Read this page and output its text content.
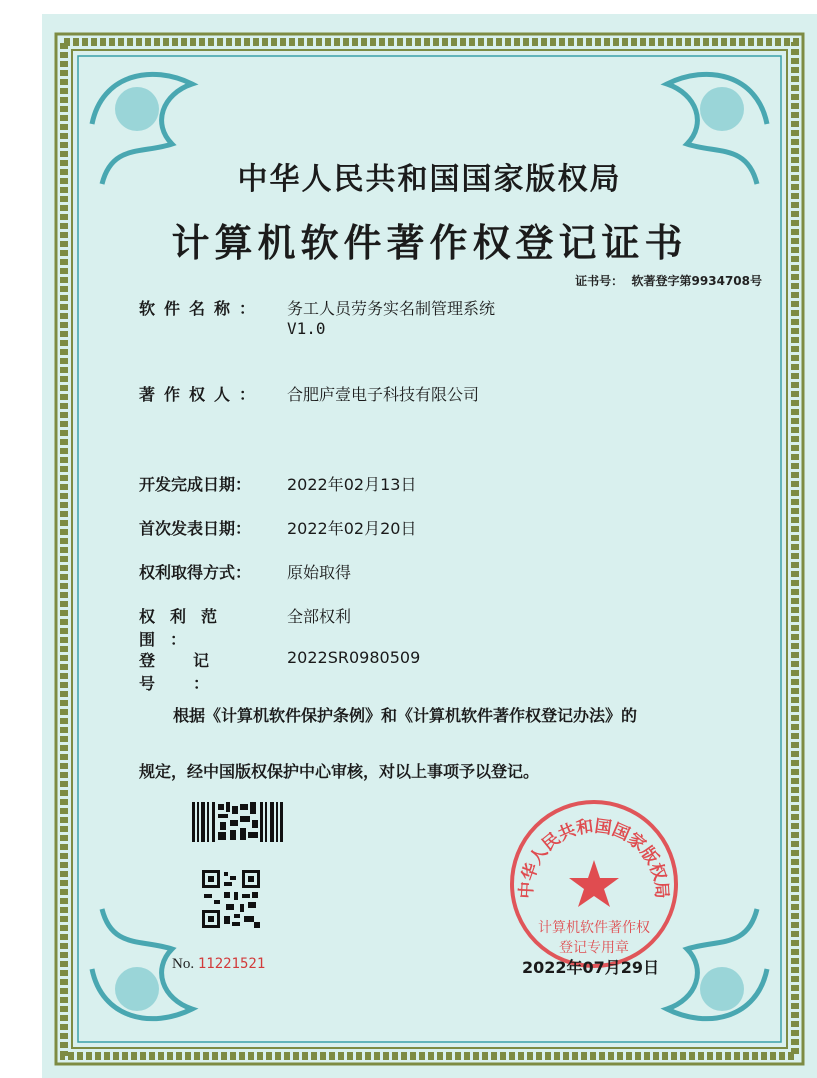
中华人民共和国国家版权局
计算机软件著作权登记证书
证书号： 软著登字第9934708号
软件名称： 务工人员劳务实名制管理系统
V1.0
著作权人： 合肥庐壹电子科技有限公司
开发完成日期： 2022年02月13日
首次发表日期： 2022年02月20日
权利取得方式： 原始取得
权利范围：全部权利
登记号：2022SR0980509
根据《计算机软件保护条例》和《计算机软件著作权登记办法》的
规定，经中国版权保护中心审核，对以上事项予以登记。
No. 11221521
中华人民共和国国家版权局
计算机软件著作权
登记专用章
2022年07月29日
